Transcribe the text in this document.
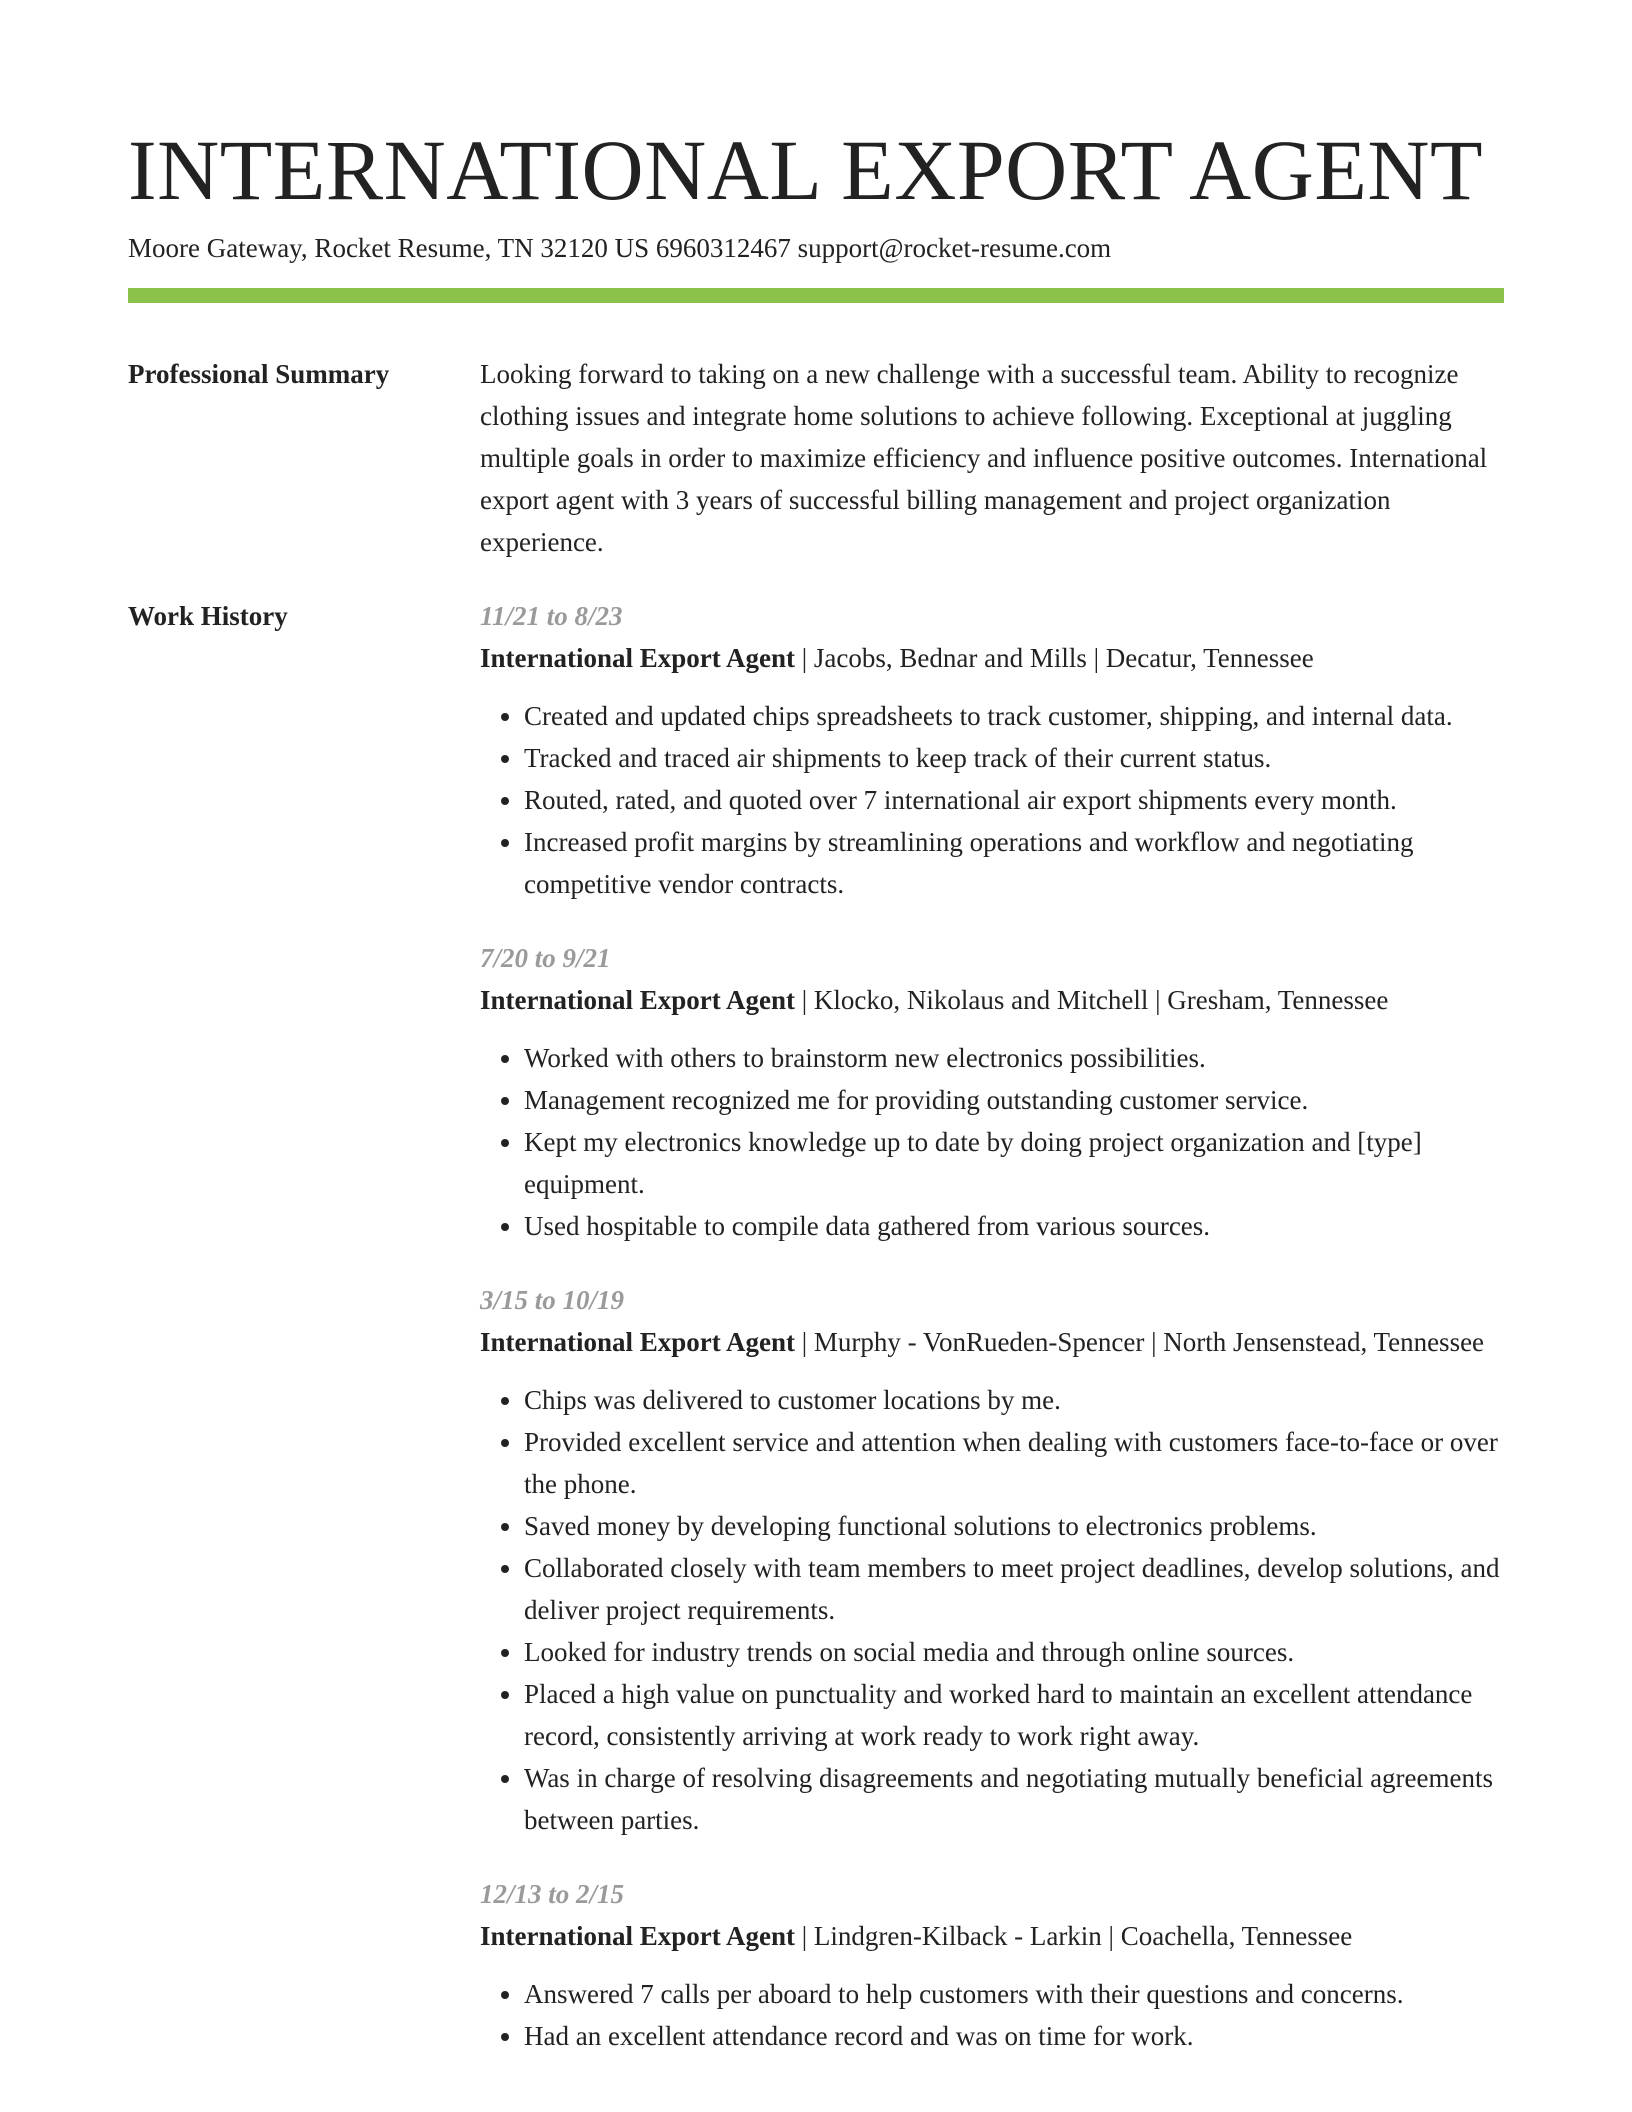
INTERNATIONAL EXPORT AGENT
Moore Gateway, Rocket Resume, TN 32120 US 6960312467 support@rocket-resume.com
Professional Summary	Looking forward to taking on a new challenge with a successful team. Ability to recognize clothing issues and integrate home solutions to achieve following. Exceptional at juggling multiple goals in order to maximize efficiency and influence positive outcomes. International export agent with 3 years of successful billing management and project organization experience.
Work History	11/21 to 8/23
International Export Agent | Jacobs, Bednar and Mills | Decatur, Tennessee
• Created and updated chips spreadsheets to track customer, shipping, and internal data.
• Tracked and traced air shipments to keep track of their current status.
• Routed, rated, and quoted over 7 international air export shipments every month.
• Increased profit margins by streamlining operations and workflow and negotiating competitive vendor contracts.
7/20 to 9/21
International Export Agent | Klocko, Nikolaus and Mitchell | Gresham, Tennessee
• Worked with others to brainstorm new electronics possibilities.
• Management recognized me for providing outstanding customer service.
• Kept my electronics knowledge up to date by doing project organization and [type] equipment.
• Used hospitable to compile data gathered from various sources.
3/15 to 10/19
International Export Agent | Murphy - VonRueden-Spencer | North Jensenstead, Tennessee
• Chips was delivered to customer locations by me.
• Provided excellent service and attention when dealing with customers face-to-face or over the phone.
• Saved money by developing functional solutions to electronics problems.
• Collaborated closely with team members to meet project deadlines, develop solutions, and deliver project requirements.
• Looked for industry trends on social media and through online sources.
• Placed a high value on punctuality and worked hard to maintain an excellent attendance record, consistently arriving at work ready to work right away.
• Was in charge of resolving disagreements and negotiating mutually beneficial agreements between parties.
12/13 to 2/15
International Export Agent | Lindgren-Kilback - Larkin | Coachella, Tennessee
• Answered 7 calls per aboard to help customers with their questions and concerns.
• Had an excellent attendance record and was on time for work.
